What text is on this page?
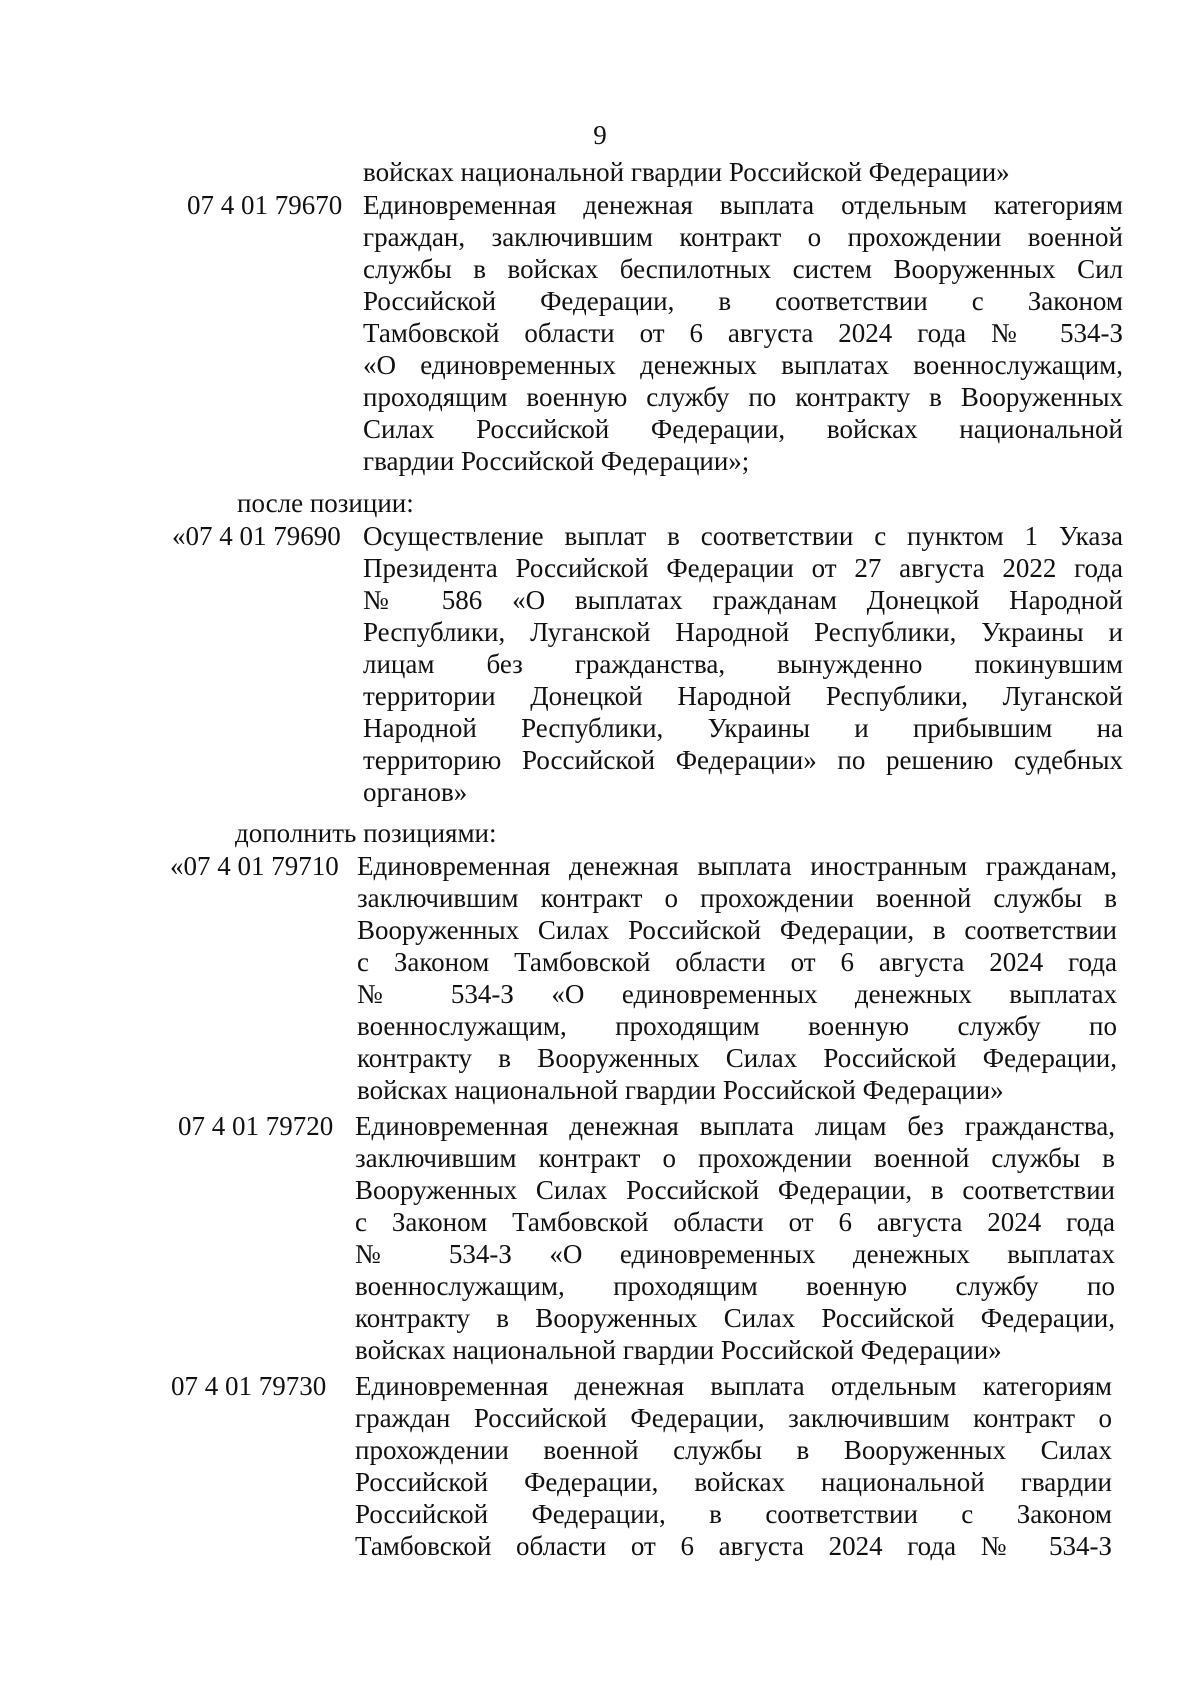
9
войсках национальной гвардии Российской Федерации»
07 4 01 79670 Единовременная денежная выплата отдельным категориям
граждан, заключившим контракт о прохождении военной
службы в войсках беспилотных систем Вооруженных Сил
Российской Федерации, в соответствии с Законом
Тамбовской области от 6 августа 2024 года № 534-З
«О единовременных денежных выплатах военнослужащим,
проходящим военную службу по контракту в Вооруженных
Силах Российской Федерации, войсках национальной
гвардии Российской Федерации»;
после позиции:
«07 4 01 79690 Осуществление выплат в соответствии с пунктом 1 Указа
Президента Российской Федерации от 27 августа 2022 года
№ 586 «О выплатах гражданам Донецкой Народной
Республики, Луганской Народной Республики, Украины и
лицам без гражданства, вынужденно покинувшим
территории Донецкой Народной Республики, Луганской
Народной Республики, Украины и прибывшим на
территорию Российской Федерации» по решению судебных
органов»
дополнить позициями:
«07 4 01 79710 Единовременная денежная выплата иностранным гражданам,
заключившим контракт о прохождении военной службы в
Вооруженных Силах Российской Федерации, в соответствии
с Законом Тамбовской области от 6 августа 2024 года
№ 534-З «О единовременных денежных выплатах
военнослужащим, проходящим военную службу по
контракту в Вооруженных Силах Российской Федерации,
войсках национальной гвардии Российской Федерации»
07 4 01 79720 Единовременная денежная выплата лицам без гражданства,
заключившим контракт о прохождении военной службы в
Вооруженных Силах Российской Федерации, в соответствии
с Законом Тамбовской области от 6 августа 2024 года
№ 534-З «О единовременных денежных выплатах
военнослужащим, проходящим военную службу по
контракту в Вооруженных Силах Российской Федерации,
войсках национальной гвардии Российской Федерации»
07 4 01 79730 Единовременная денежная выплата отдельным категориям
граждан Российской Федерации, заключившим контракт о
прохождении военной службы в Вооруженных Силах
Российской Федерации, войсках национальной гвардии
Российской Федерации, в соответствии с Законом
Тамбовской области от 6 августа 2024 года № 534-З
